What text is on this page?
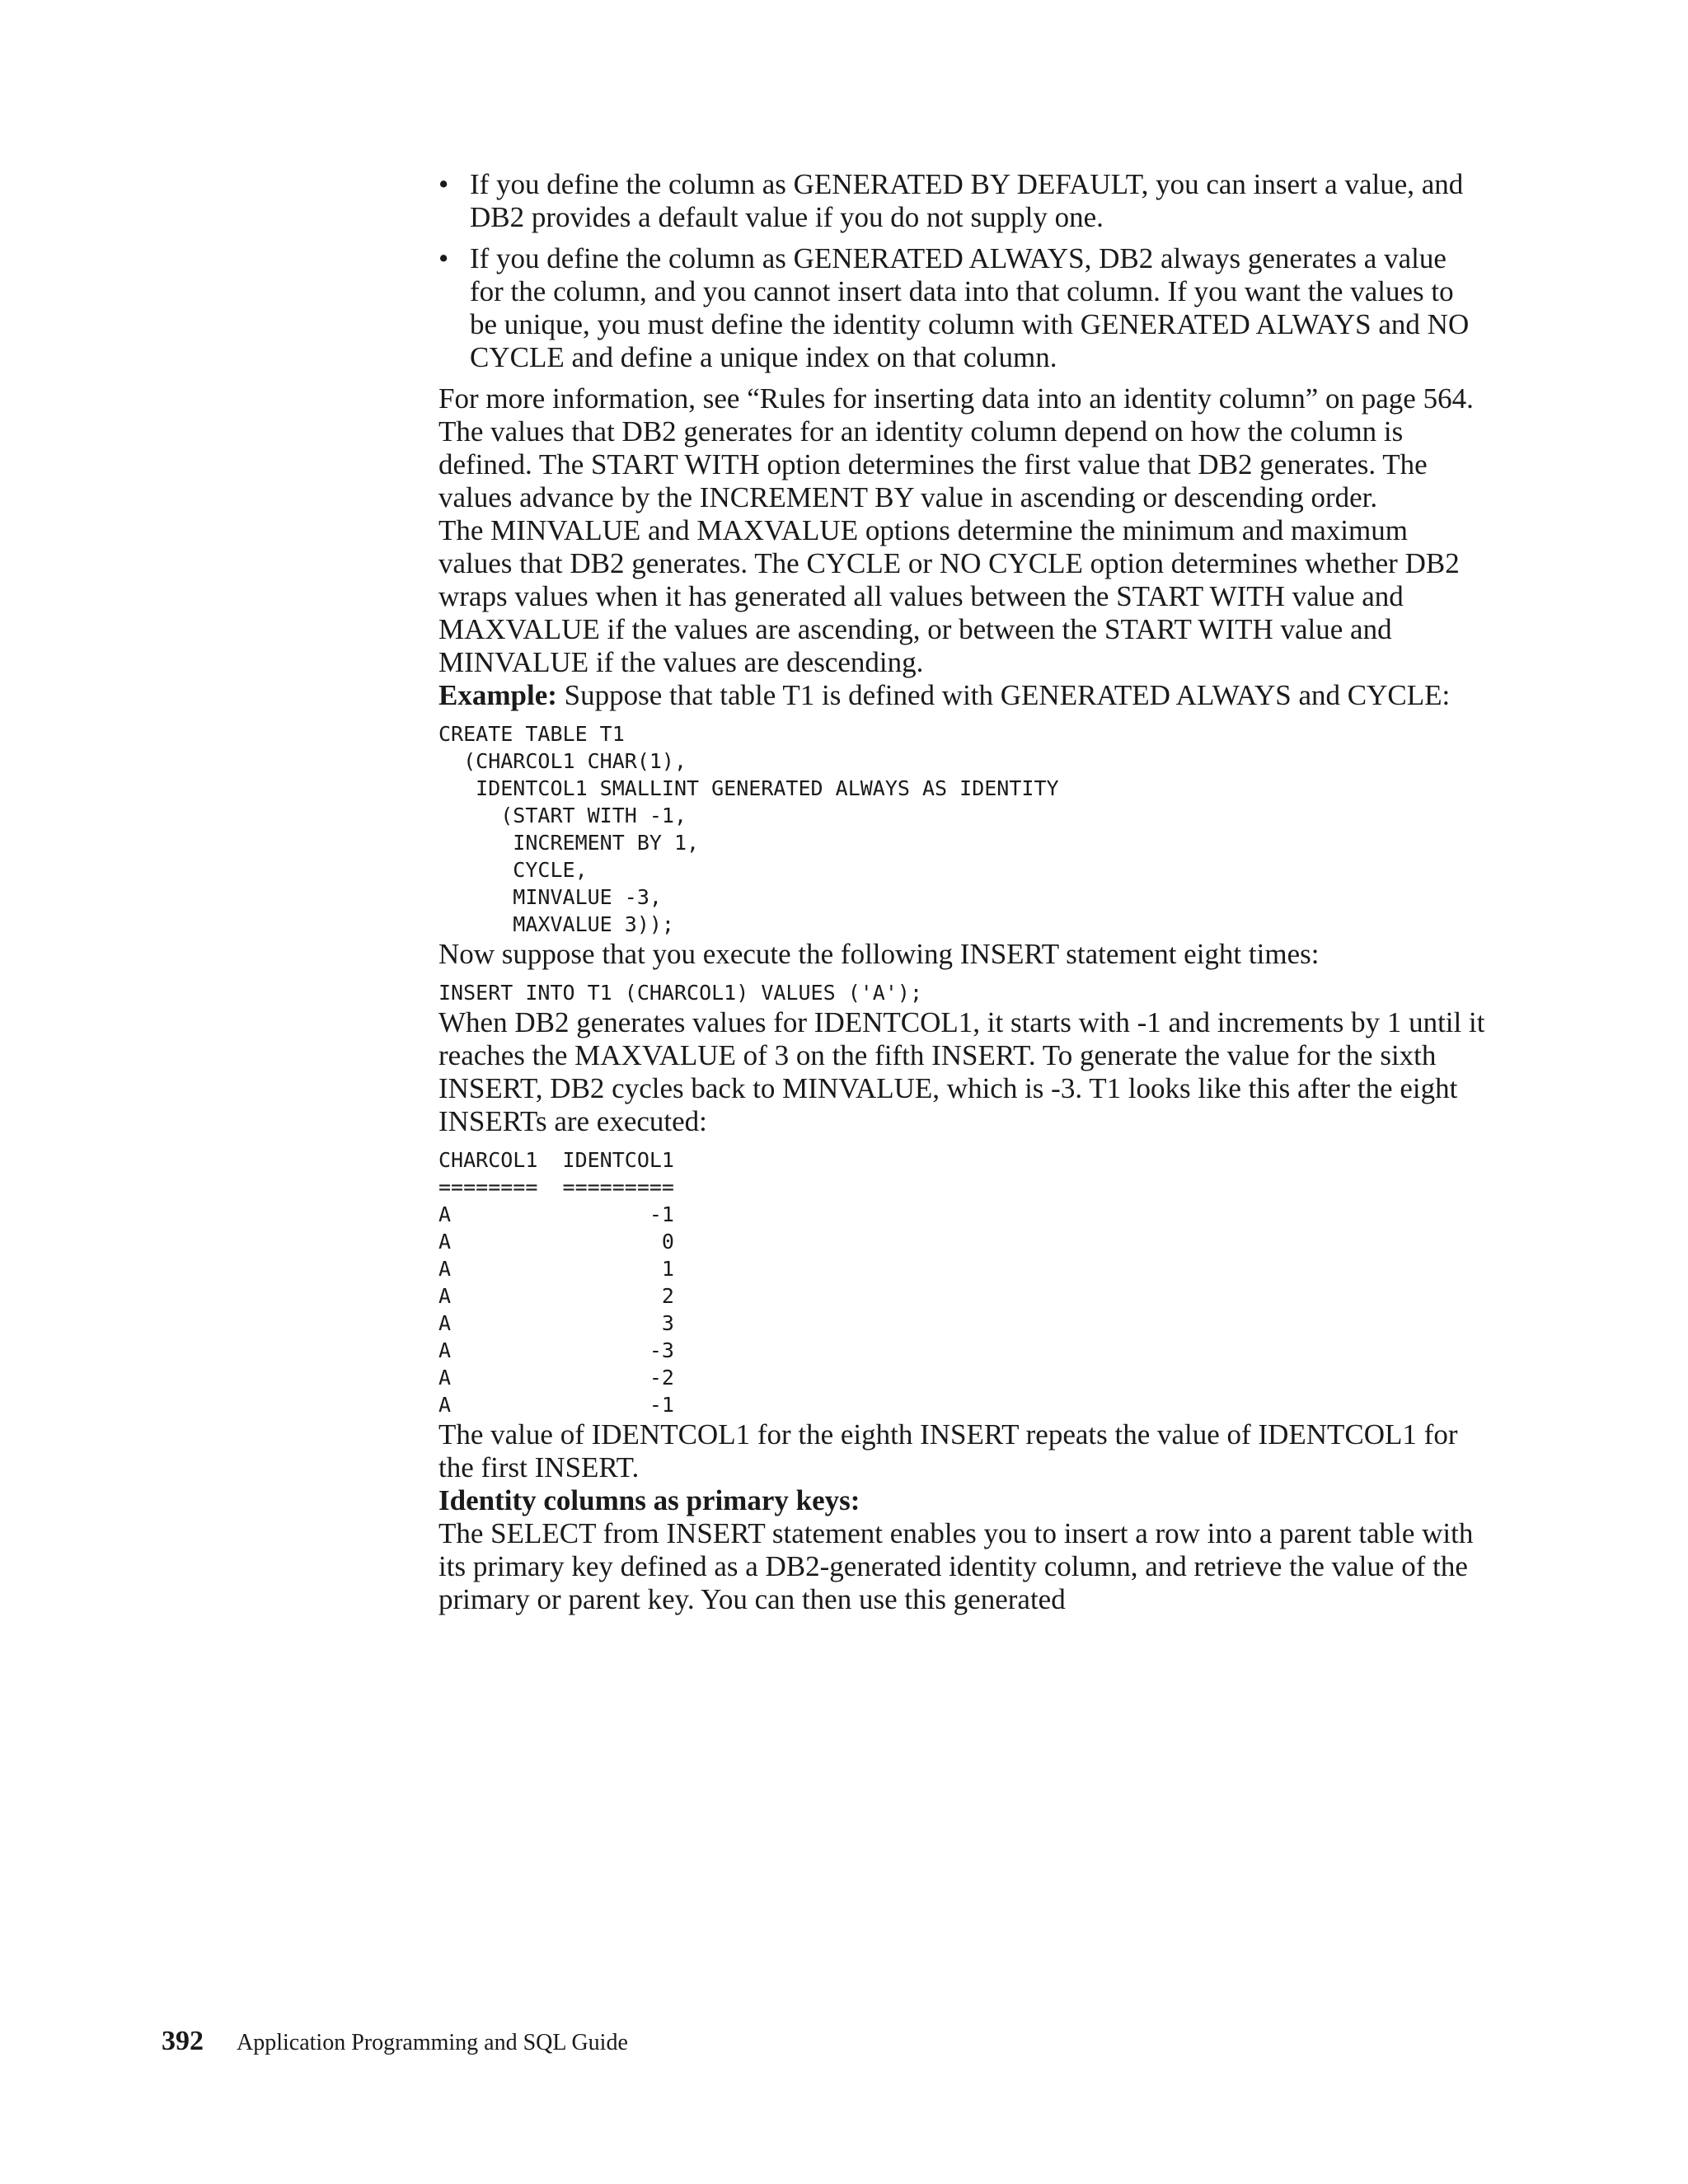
• If you define the column as GENERATED BY DEFAULT, you can insert a value, and DB2 provides a default value if you do not supply one.
• If you define the column as GENERATED ALWAYS, DB2 always generates a value for the column, and you cannot insert data into that column. If you want the values to be unique, you must define the identity column with GENERATED ALWAYS and NO CYCLE and define a unique index on that column.

For more information, see “Rules for inserting data into an identity column” on page 564.

The values that DB2 generates for an identity column depend on how the column is defined. The START WITH option determines the first value that DB2 generates. The values advance by the INCREMENT BY value in ascending or descending order.

The MINVALUE and MAXVALUE options determine the minimum and maximum values that DB2 generates. The CYCLE or NO CYCLE option determines whether DB2 wraps values when it has generated all values between the START WITH value and MAXVALUE if the values are ascending, or between the START WITH value and MINVALUE if the values are descending.

Example: Suppose that table T1 is defined with GENERATED ALWAYS and CYCLE:

CREATE TABLE T1
(CHARCOL1 CHAR(1),
IDENTCOL1 SMALLINT GENERATED ALWAYS AS IDENTITY
(START WITH -1,
INCREMENT BY 1,
CYCLE,
MINVALUE -3,
MAXVALUE 3));

Now suppose that you execute the following INSERT statement eight times:

INSERT INTO T1 (CHARCOL1) VALUES ('A');

When DB2 generates values for IDENTCOL1, it starts with -1 and increments by 1 until it reaches the MAXVALUE of 3 on the fifth INSERT. To generate the value for the sixth INSERT, DB2 cycles back to MINVALUE, which is -3. T1 looks like this after the eight INSERTs are executed:

CHARCOL1  IDENTCOL1
========  =========
A                -1
A                 0
A                 1
A                 2
A                 3
A                -3
A                -2
A                -1

The value of IDENTCOL1 for the eighth INSERT repeats the value of IDENTCOL1 for the first INSERT.

Identity columns as primary keys:

The SELECT from INSERT statement enables you to insert a row into a parent table with its primary key defined as a DB2-generated identity column, and retrieve the value of the primary or parent key. You can then use this generated

392 Application Programming and SQL Guide
